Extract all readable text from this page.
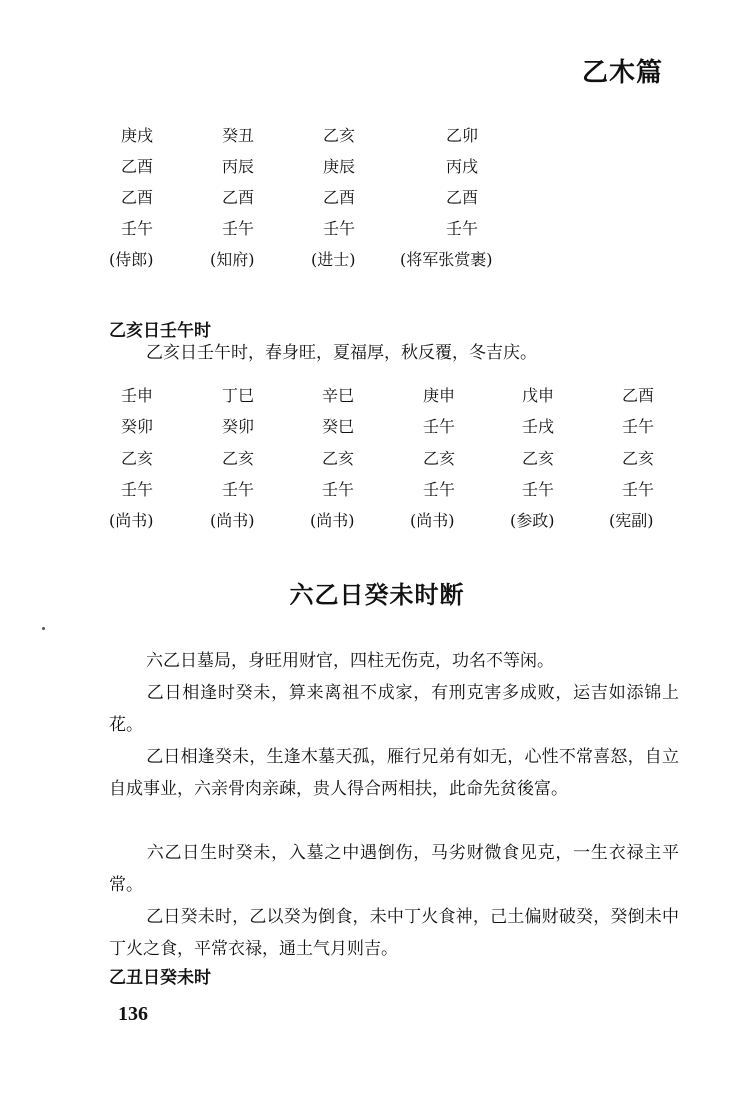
乙木篇
庚戌	癸丑	乙亥	乙卯
乙酉	丙辰	庚辰	丙戌
乙酉	乙酉	乙酉	乙酉
壬午	壬午	壬午	壬午
(侍郎)	(知府)	(进士)	(将军张赏裹)
乙亥日壬午时
乙亥日壬午时，春身旺，夏福厚，秋反覆，冬吉庆。
壬申	丁巳	辛巳	庚申	戊申	乙酉
癸卯	癸卯	癸巳	壬午	壬戌	壬午
乙亥	乙亥	乙亥	乙亥	乙亥	乙亥
壬午	壬午	壬午	壬午	壬午	壬午
(尚书)	(尚书)	(尚书)	(尚书)	(参政)	(宪副)
六乙日癸未时断
六乙日墓局，身旺用财官，四柱无伤克，功名不等闲。
乙日相逢时癸未，算来离祖不成家，有刑克害多成败，运吉如添锦上花。
乙日相逢癸未，生逢木墓天孤，雁行兄弟有如无，心性不常喜怒，自立自成事业，六亲骨肉亲疎，贵人得合两相扶，此命先贫後富。
六乙日生时癸未，入墓之中遇倒伤，马劣财微食见克，一生衣禄主平常。
乙日癸未时，乙以癸为倒食，未中丁火食神，己土偏财破癸，癸倒未中丁火之食，平常衣禄，通土气月则吉。
乙丑日癸未时
136
